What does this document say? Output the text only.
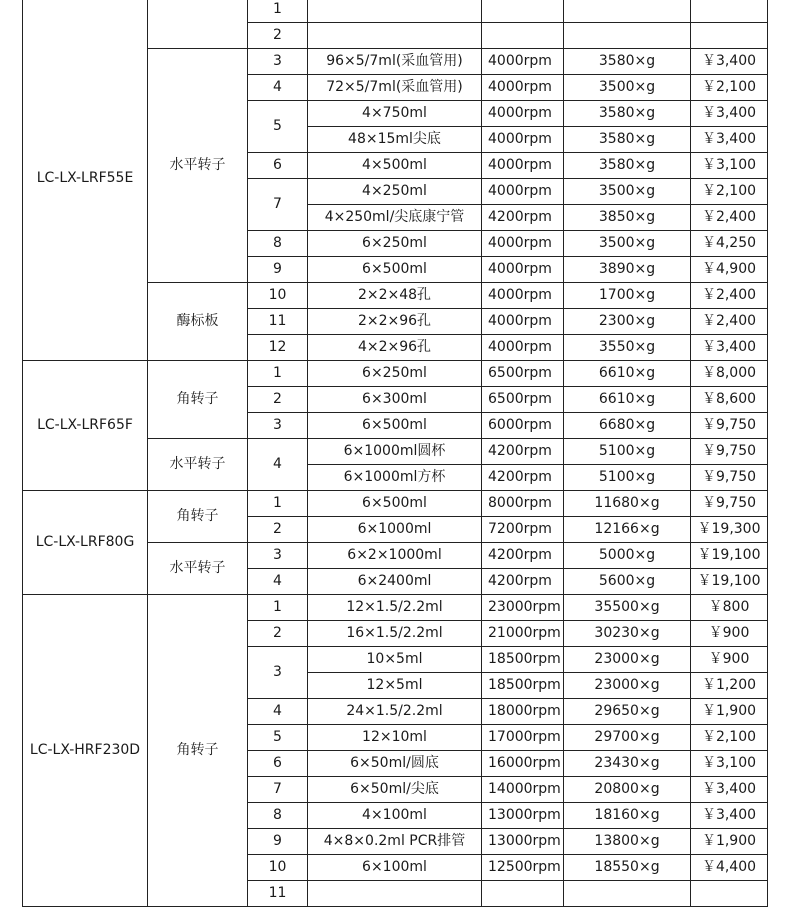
LC-LX-LRF55E		1				
		2				
	水平转子	3	96×5/7ml(采血管用)	4000rpm	3580×g	￥3,400
		4	72×5/7ml(采血管用)	4000rpm	3500×g	￥2,100
		5	4×750ml	4000rpm	3580×g	￥3,400
			48×15ml尖底	4000rpm	3580×g	￥3,400
		6	4×500ml	4000rpm	3580×g	￥3,100
		7	4×250ml	4000rpm	3500×g	￥2,100
			4×250ml/尖底康宁管	4200rpm	3850×g	￥2,400
		8	6×250ml	4000rpm	3500×g	￥4,250
		9	6×500ml	4000rpm	3890×g	￥4,900
	酶标板	10	2×2×48孔	4000rpm	1700×g	￥2,400
		11	2×2×96孔	4000rpm	2300×g	￥2,400
		12	4×2×96孔	4000rpm	3550×g	￥3,400
LC-LX-LRF65F	角转子	1	6×250ml	6500rpm	6610×g	￥8,000
		2	6×300ml	6500rpm	6610×g	￥8,600
		3	6×500ml	6000rpm	6680×g	￥9,750
	水平转子	4	6×1000ml圆杯	4200rpm	5100×g	￥9,750
			6×1000ml方杯	4200rpm	5100×g	￥9,750
LC-LX-LRF80G	角转子	1	6×500ml	8000rpm	11680×g	￥9,750
		2	6×1000ml	7200rpm	12166×g	￥19,300
	水平转子	3	6×2×1000ml	4200rpm	5000×g	￥19,100
		4	6×2400ml	4200rpm	5600×g	￥19,100
LC-LX-HRF230D	角转子	1	12×1.5/2.2ml	23000rpm	35500×g	￥800
		2	16×1.5/2.2ml	21000rpm	30230×g	￥900
		3	10×5ml	18500rpm	23000×g	￥900
			12×5ml	18500rpm	23000×g	￥1,200
		4	24×1.5/2.2ml	18000rpm	29650×g	￥1,900
		5	12×10ml	17000rpm	29700×g	￥2,100
		6	6×50ml/圆底	16000rpm	23430×g	￥3,100
		7	6×50ml/尖底	14000rpm	20800×g	￥3,400
		8	4×100ml	13000rpm	18160×g	￥3,400
		9	4×8×0.2ml PCR排管	13000rpm	13800×g	￥1,900
		10	6×100ml	12500rpm	18550×g	￥4,400
		11				
